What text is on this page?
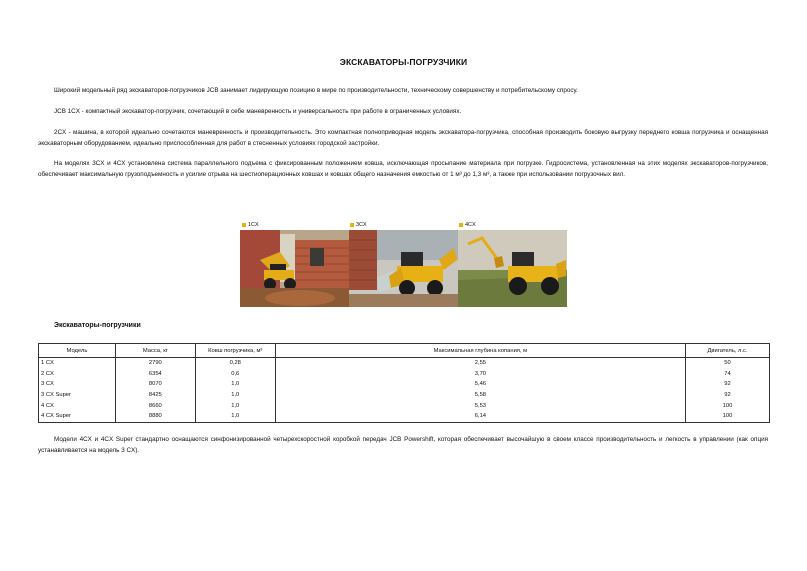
ЭКСКАВАТОРЫ-ПОГРУЗЧИКИ

Широкий модельный ряд экскаваторов-погрузчиков JCB занимает лидирующую позицию в мире по производительности, техническому совершенству и потребительскому спросу.

JCB 1CX - компактный экскаватор-погрузчик, сочетающий в себе маневренность и универсальность при работе в ограниченных условиях.

2CX - машина, в которой идеально сочетаются маневренность и производительность. Это компактная полноприводная модель экскаватора-погрузчика, способная производить боковую выгрузку переднего ковша погрузчика и оснащенная экскаваторным оборудованием, идеально приспособленная для работ в стесненных условиях городской застройки.

На моделях 3CX и 4CX установлена система параллельного подъема с фиксированным положением ковша, исключающая просыпание материала при погрузке. Гидросистема, установленная на этих моделях экскаваторов-погрузчиков, обеспечивает максимальную грузоподъемность и усилие отрыва на шестиоперационных ковшах и ковшах общего назначения емкостью от 1 м³ до 1,3 м³, а также при использовании погрузочных вил.

1CX	3CX	4CX
Экскаваторы-погрузчики
Модель	Масса, кг	Ковш погрузчика, м³	Максимальная глубина копания, м	Двигатель, л.с.
1 CX	2790	0,28	2,55	50
2 CX	6354	0,6	3,70	74
3 CX	8070	1,0	5,46	92
3 CX Super	8425	1,0	5,58	92
4 CX	8660	1,0	5,53	100
4 CX Super	8880	1,0	6,14	100

Модели 4CX и 4CX Super стандартно оснащаются синфонизированной четырехскоростной коробкой передач JCB Powershift, которая обеспечивает высочайшую в своем классе производительность и легкость в управлении (как опция устанавливается на модель 3 CX).
